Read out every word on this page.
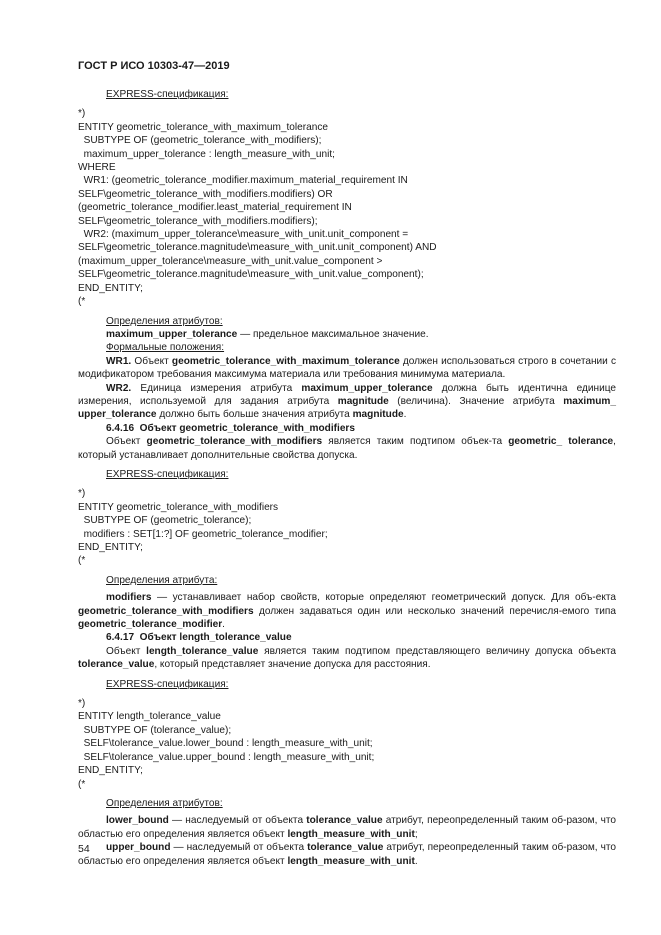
ГОСТ Р ИСО 10303-47—2019
EXPRESS-спецификация:
*)
ENTITY geometric_tolerance_with_maximum_tolerance
SUBTYPE OF (geometric_tolerance_with_modifiers);
maximum_upper_tolerance : length_measure_with_unit;
WHERE
WR1: (geometric_tolerance_modifier.maximum_material_requirement IN
SELF\geometric_tolerance_with_modifiers.modifiers) OR
(geometric_tolerance_modifier.least_material_requirement IN
SELF\geometric_tolerance_with_modifiers.modifiers);
WR2: (maximum_upper_tolerance\measure_with_unit.unit_component =
SELF\geometric_tolerance.magnitude\measure_with_unit.unit_component) AND
(maximum_upper_tolerance\measure_with_unit.value_component >
SELF\geometric_tolerance.magnitude\measure_with_unit.value_component);
END_ENTITY;
(*
Определения атрибутов:

maximum_upper_tolerance — предельное максимальное значение.

Формальные положения:

WR1. Объект geometric_tolerance_with_maximum_tolerance должен использоваться строго в сочетании с модификатором требования максимума материала или требования минимума материала.

WR2. Единица измерения атрибута maximum_upper_tolerance должна быть идентична единице измерения, используемой для задания атрибута magnitude (величина). Значение атрибута maximum_ upper_tolerance должно быть больше значения атрибута magnitude.

6.4.16  Объект geometric_tolerance_with_modifiers

Объект geometric_tolerance_with_modifiers является таким подтипом объек-та geometric_ tolerance, который устанавливает дополнительные свойства допуска.

EXPRESS-спецификация:
*)
ENTITY geometric_tolerance_with_modifiers
SUBTYPE OF (geometric_tolerance);
modifiers : SET[1:?] OF geometric_tolerance_modifier;
END_ENTITY;
(*
Определения атрибута:

modifiers — устанавливает набор свойств, которые определяют геометрический допуск. Для объ-екта geometric_tolerance_with_modifiers должен задаваться один или несколько значений перечисля-емого типа geometric_tolerance_modifier.

6.4.17  Объект length_tolerance_value

Объект length_tolerance_value является таким подтипом представляющего величину допуска объекта tolerance_value, который представляет значение допуска для расстояния.

EXPRESS-спецификация:
*)
ENTITY length_tolerance_value
SUBTYPE OF (tolerance_value);
SELF\tolerance_value.lower_bound : length_measure_with_unit;
SELF\tolerance_value.upper_bound : length_measure_with_unit;
END_ENTITY;
(*
Определения атрибутов:

lower_bound — наследуемый от объекта tolerance_value атрибут, переопределенный таким об-разом, что областью его определения является объект length_measure_with_unit;

upper_bound — наследуемый от объекта tolerance_value атрибут, переопределенный таким об-разом, что областью его определения является объект length_measure_with_unit.

54
